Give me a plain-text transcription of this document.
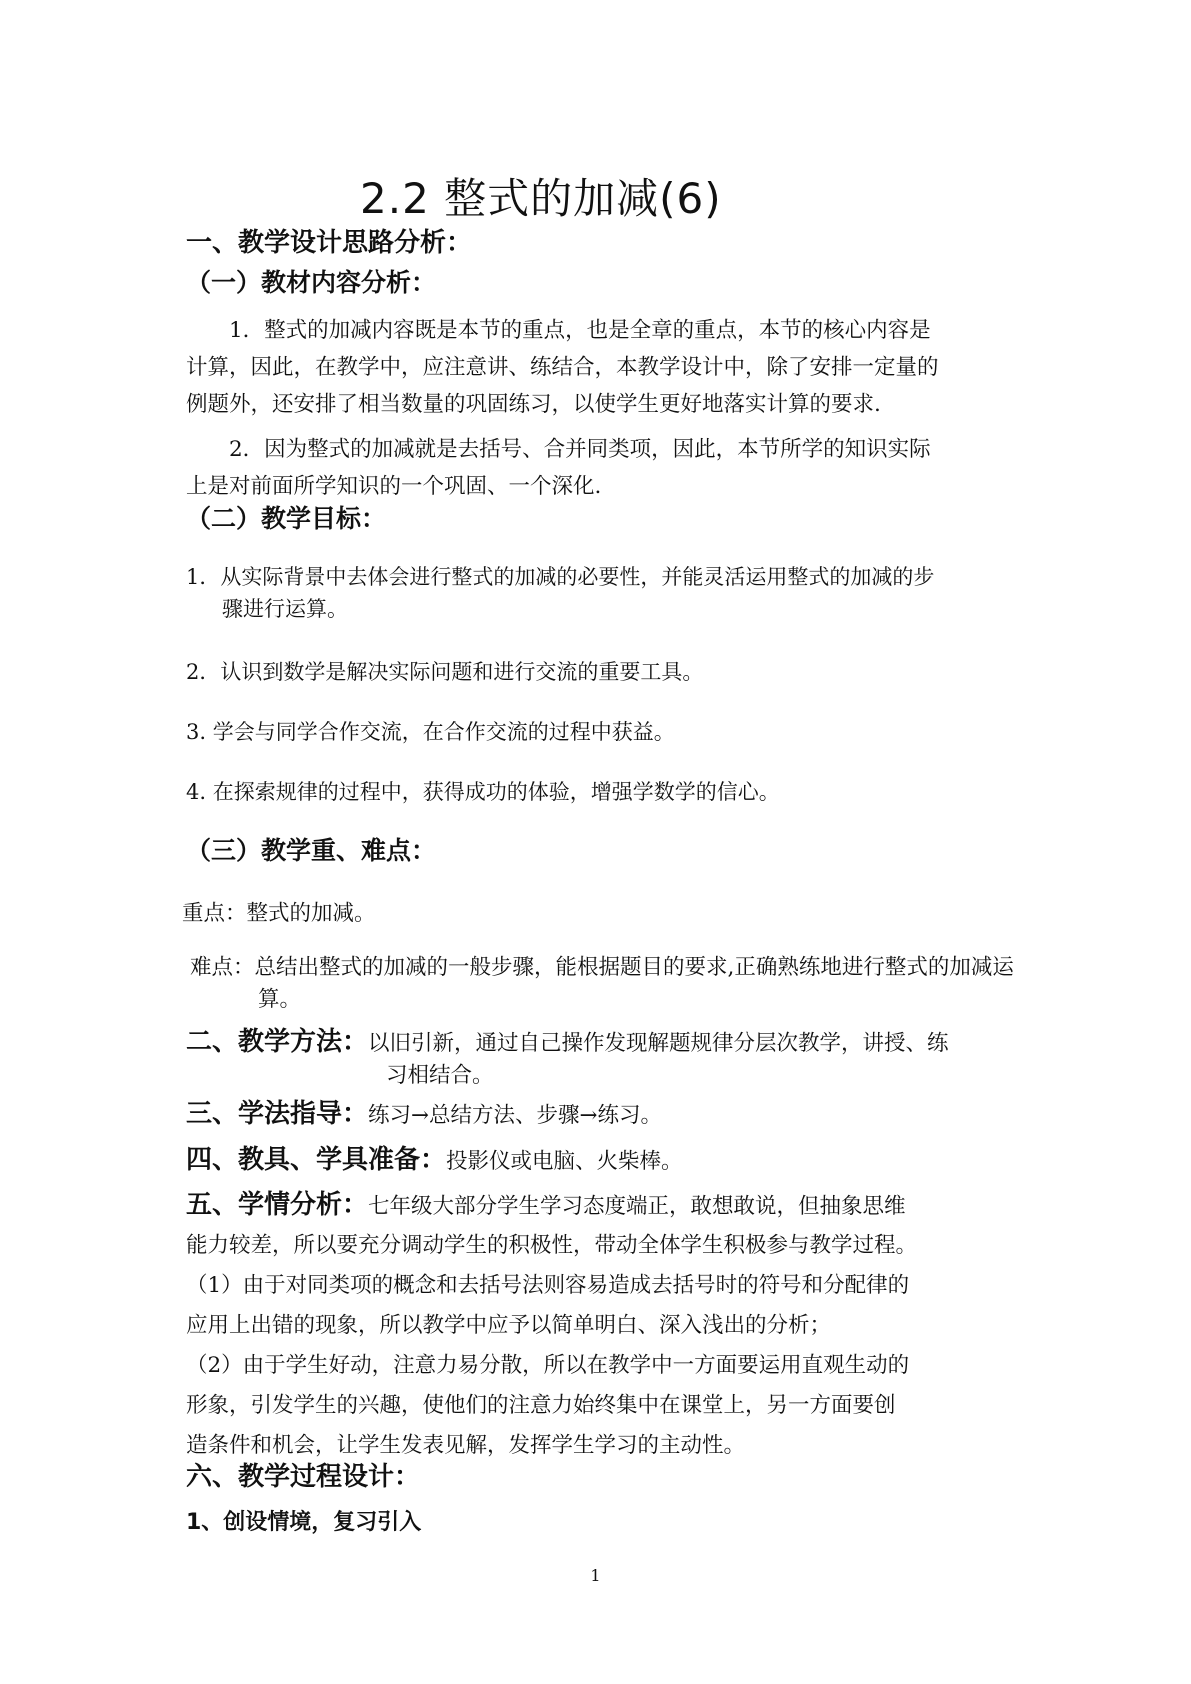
2.2 整式的加减(6)

一、教学设计思路分析：

（一）教材内容分析：

1．整式的加减内容既是本节的重点，也是全章的重点，本节的核心内容是计算，因此，在教学中，应注意讲、练结合，本教学设计中，除了安排一定量的例题外，还安排了相当数量的巩固练习，以使学生更好地落实计算的要求.

2．因为整式的加减就是去括号、合并同类项，因此，本节所学的知识实际上是对前面所学知识的一个巩固、一个深化.

（二）教学目标：

1．从实际背景中去体会进行整式的加减的必要性，并能灵活运用整式的加减的步骤进行运算。

2．认识到数学是解决实际问题和进行交流的重要工具。

3. 学会与同学合作交流，在合作交流的过程中获益。

4. 在探索规律的过程中，获得成功的体验，增强学数学的信心。

（三）教学重、难点：

重点：整式的加减。

难点：总结出整式的加减的一般步骤，能根据题目的要求,正确熟练地进行整式的加减运算。

二、教学方法：以旧引新，通过自己操作发现解题规律分层次教学，讲授、练
习相结合。

三、学法指导：练习→总结方法、步骤→练习。

四、教具、学具准备：投影仪或电脑、火柴棒。

五、学情分析：七年级大部分学生学习态度端正，敢想敢说，但抽象思维

能力较差，所以要充分调动学生的积极性，带动全体学生积极参与教学过程。

（1）由于对同类项的概念和去括号法则容易造成去括号时的符号和分配律的

应用上出错的现象，所以教学中应予以简单明白、深入浅出的分析；

（2）由于学生好动，注意力易分散，所以在教学中一方面要运用直观生动的

形象，引发学生的兴趣，使他们的注意力始终集中在课堂上，另一方面要创

造条件和机会，让学生发表见解，发挥学生学习的主动性。

六、教学过程设计：

1、创设情境，复习引入

1
